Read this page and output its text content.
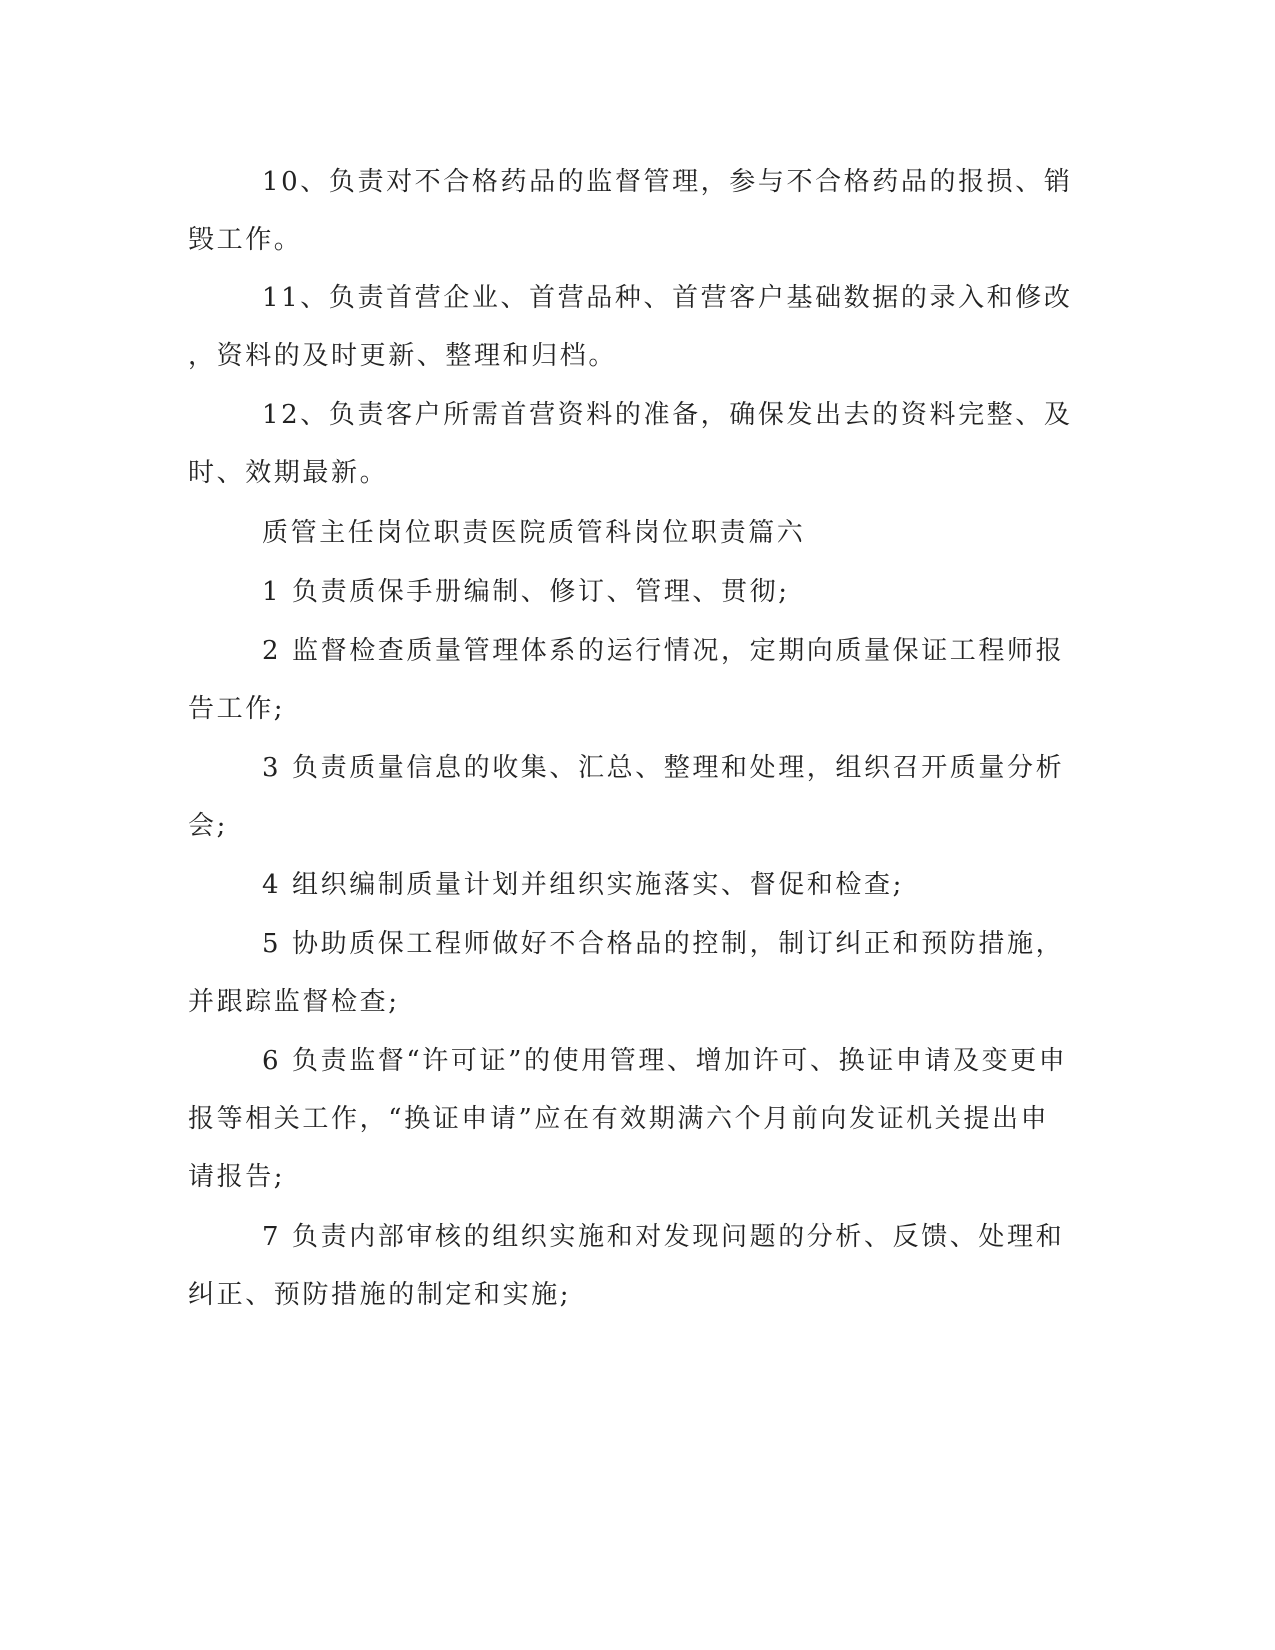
10、负责对不合格药品的监督管理，参与不合格药品的报损、销

毁工作。

11、负责首营企业、首营品种、首营客户基础数据的录入和修改

，资料的及时更新、整理和归档。

12、负责客户所需首营资料的准备，确保发出去的资料完整、及

时、效期最新。

质管主任岗位职责医院质管科岗位职责篇六

1 负责质保手册编制、修订、管理、贯彻;

2 监督检查质量管理体系的运行情况，定期向质量保证工程师报

告工作;

3 负责质量信息的收集、汇总、整理和处理，组织召开质量分析

会;

4 组织编制质量计划并组织实施落实、督促和检查;

5 协助质保工程师做好不合格品的控制，制订纠正和预防措施，

并跟踪监督检查;

6 负责监督“许可证”的使用管理、增加许可、换证申请及变更申

报等相关工作，“换证申请”应在有效期满六个月前向发证机关提出申

请报告;

7 负责内部审核的组织实施和对发现问题的分析、反馈、处理和

纠正、预防措施的制定和实施;
